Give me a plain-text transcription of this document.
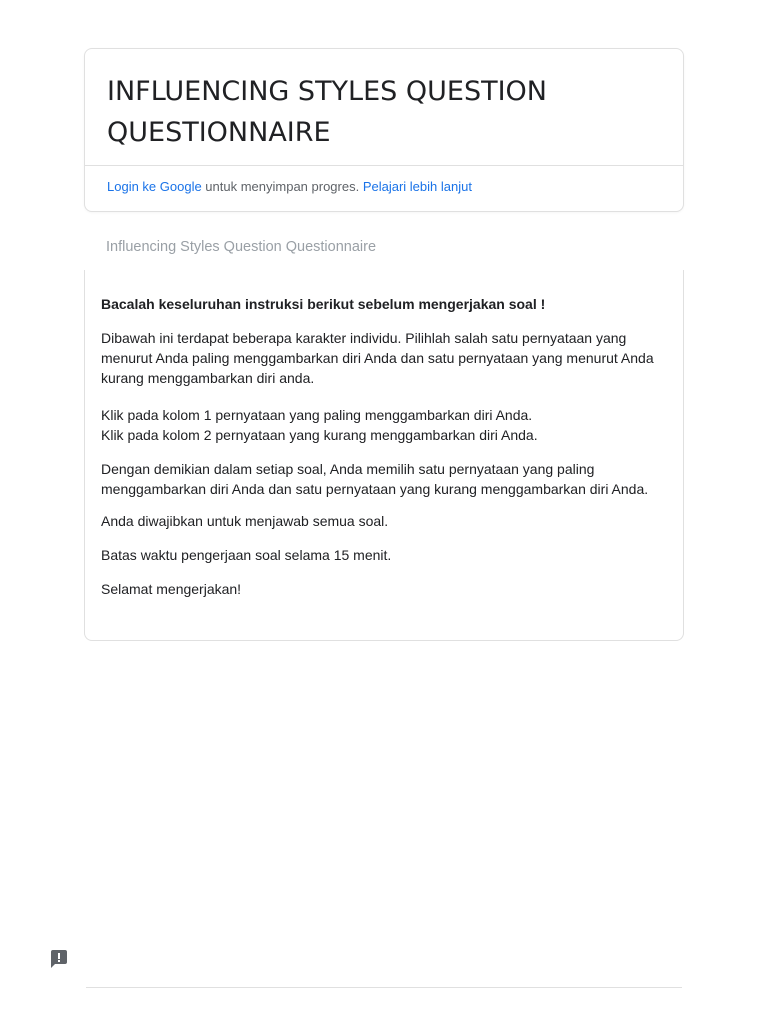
INFLUENCING STYLES QUESTION QUESTIONNAIRE
Login ke Google untuk menyimpan progres. Pelajari lebih lanjut
Influencing Styles Question Questionnaire

Bacalah keseluruhan instruksi berikut sebelum mengerjakan soal !

Dibawah ini terdapat beberapa karakter individu. Pilihlah salah satu pernyataan yang menurut Anda paling menggambarkan diri Anda dan satu pernyataan yang menurut Anda kurang menggambarkan diri anda.

Klik pada kolom 1 pernyataan yang paling menggambarkan diri Anda.

Klik pada kolom 2 pernyataan yang kurang menggambarkan diri Anda.

Dengan demikian dalam setiap soal, Anda memilih satu pernyataan yang paling menggambarkan diri Anda dan satu pernyataan yang kurang menggambarkan diri Anda.

Anda diwajibkan untuk menjawab semua soal.

Batas waktu pengerjaan soal selama 15 menit.

Selamat mengerjakan!
